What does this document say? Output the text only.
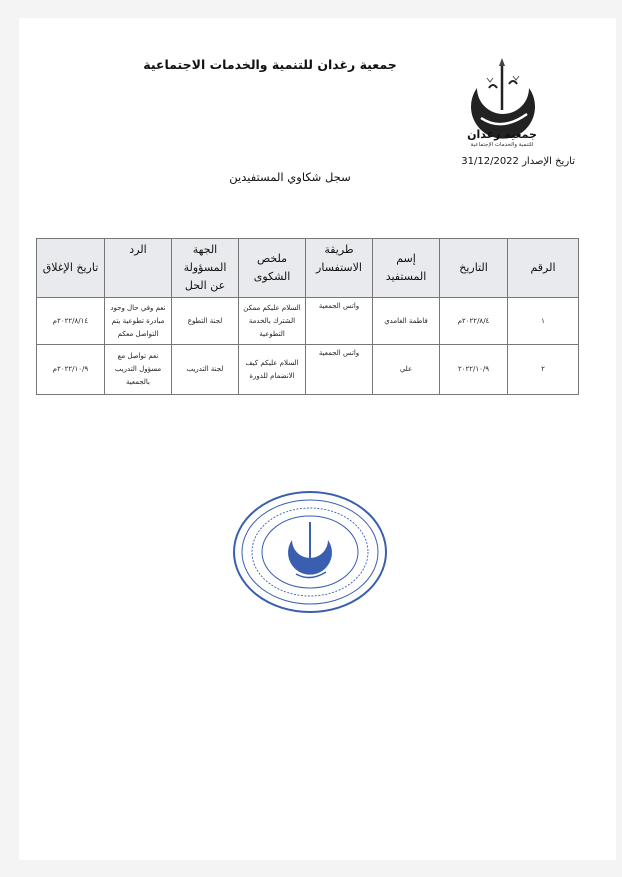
جمعية رغدان للتنمية والخدمات الاجتماعية
جمعية رغدان
للتنمية والخدمات الإجتماعية
تاريخ الإصدار 31/12/2022
سجل شكاوي المستفيدين
الرقم	التاريخ	إسم المستفيد	طريقة الاستفسار	ملخص الشكوى	الجهة المسؤولة عن الحل	الرد	تاريخ الإغلاق
١	٢٠٢٢/٨/٤م	فاطمة الغامدي	واتس الجمعية	السلام عليكم ممكن الشترك بالخدمة التطوعية	لجنة التطوع	نعم وفي حال وجود مبادرة تطوعية يتم التواصل معكم	٢٠٢٢/٨/١٤م
٢	٢٠٢٢/١٠/٩	علي	واتس الجمعية	السلام عليكم كيف الانضمام للدورة	لجنة التدريب	نعم تواصل مع مسؤول التدريب بالجمعية	٢٠٢٢/١٠/٩م
